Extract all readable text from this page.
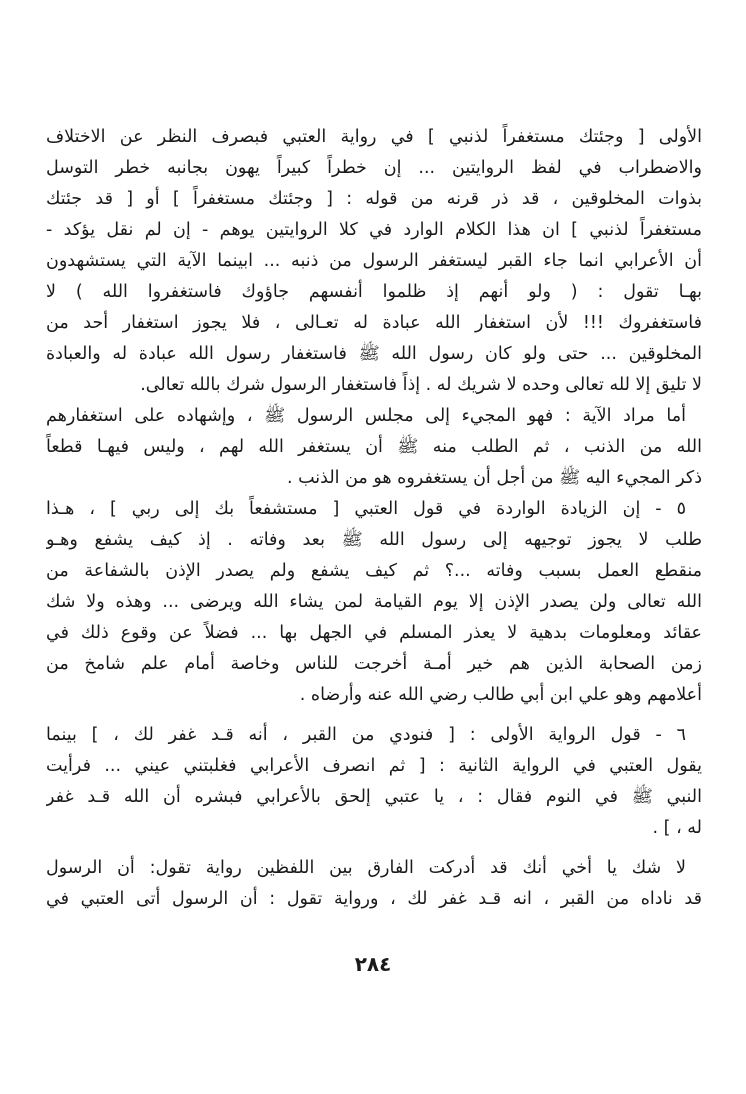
الأولى [ وجئتك مستغفراً لذنبي ] في رواية العتبي فبصرف النظر عن الاختلاف
والاضطراب في لفظ الروايتين ... إن خطراً كبيراً يهون بجانبه خطر التوسل
بذوات المخلوقين ، قد ذر قرنه من قوله : [ وجئتك مستغفراً ] أو [ قد جئتك
مستغفراً لذنبي ] ان هذا الكلام الوارد في كلا الروايتين يوهم - إن لم نقل يؤكد -
أن الأعرابي انما جاء القبر ليستغفر الرسول من ذنبه ... ابينما الآية التي يستشهدون
بهـا تقول : ( ولو أنهم إذ ظلموا أنفسهم جاؤوك فاستغفروا الله ) لا
فاستغفروك !!! لأن استغفار الله عبادة له تعـالى ، فلا يجوز استغفار أحد من
المخلوقين ... حتى ولو كان رسول الله ﷺ فاستغفار رسول الله عبادة له والعبادة
لا تليق إلا لله تعالى وحده لا شريك له . إذاً فاستغفار الرسول شرك بالله تعالى.
أما مراد الآية : فهو المجيء إلى مجلس الرسول ﷺ ، وإشهاده على استغفارهم
الله من الذنب ، ثم الطلب منه ﷺ أن يستغفر الله لهم ، وليس فيهـا قطعاً
ذكر المجيء اليه ﷺ من أجل أن يستغفروه هو من الذنب .
٥ - إن الزيادة الواردة في قول العتبي [ مستشفعاً بك إلى ربي ] ، هـذا
طلب لا يجوز توجيهه إلى رسول الله ﷺ بعد وفاته . إذ كيف يشفع وهـو
منقطع العمل بسبب وفاته ...؟ ثم كيف يشفع ولم يصدر الإذن بالشفاعة من
الله تعالى ولن يصدر الإذن إلا يوم القيامة لمن يشاء الله ويرضى ... وهذه ولا شك
عقائد ومعلومات بدهية لا يعذر المسلم في الجهل بها ... فضلاً عن وقوع ذلك في
زمن الصحابة الذين هم خير أمـة أخرجت للناس وخاصة أمام علم شامخ من
أعلامهم وهو علي ابن أبي طالب رضي الله عنه وأرضاه .
٦ - قول الرواية الأولى : [ فنودي من القبر ، أنه قـد غفر لك ، ] بينما
يقول العتبي في الرواية الثانية : [ ثم انصرف الأعرابي فغلبتني عيني ... فرأيت
النبي ﷺ في النوم فقال : ، يا عتبي إلحق بالأعرابي فبشره أن الله قـد غفر
له ، ] .
لا شك يا أخي أنك قد أدركت الفارق بين اللفظين رواية تقول: أن الرسول
قد ناداه من القبر ، انه قـد غفر لك ، ورواية تقول : أن الرسول أتى العتبي في
٢٨٤
